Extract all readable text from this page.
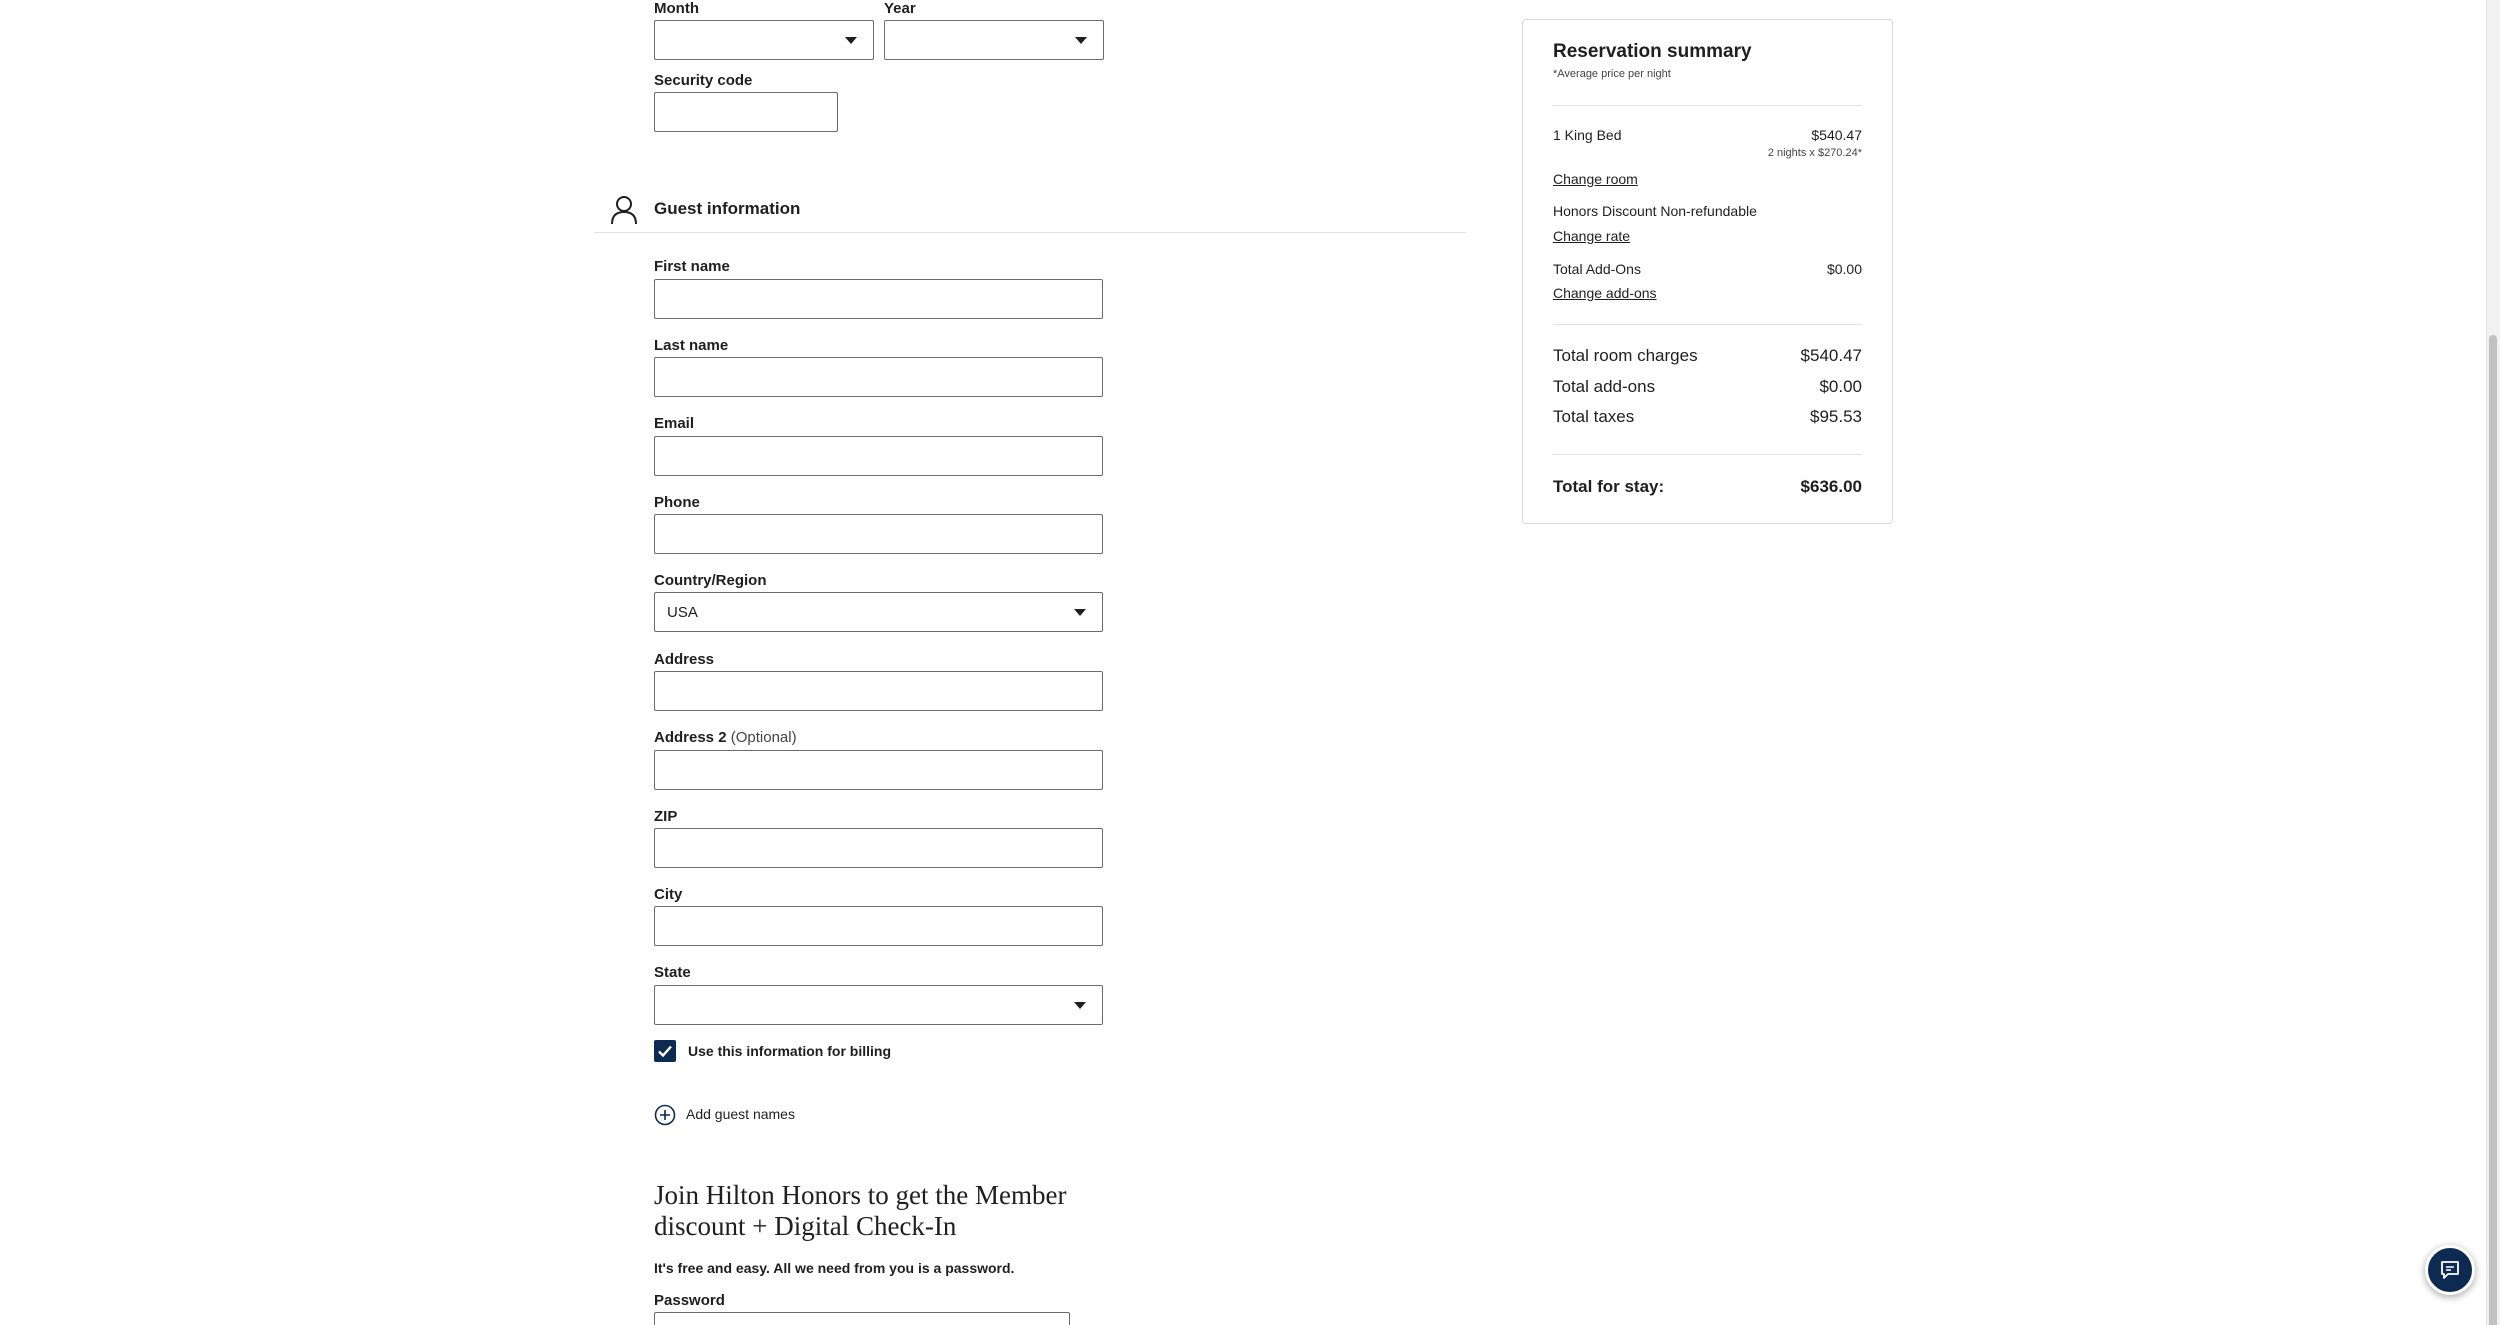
Month	Year
Security code
Guest information
First name
Last name
Email
Phone
Country/Region
USA
Address
Address 2 (Optional)
ZIP
City
State
Use this information for billing
Add guest names
Join Hilton Honors to get the Member discount + Digital Check-In
It's free and easy. All we need from you is a password.
Password
Reservation summary
*Average price per night
1 King Bed	$540.47
2 nights x $270.24*
Change room
Honors Discount Non-refundable
Change rate
Total Add-Ons	$0.00
Change add-ons
Total room charges	$540.47
Total add-ons	$0.00
Total taxes	$95.53
Total for stay:	$636.00
